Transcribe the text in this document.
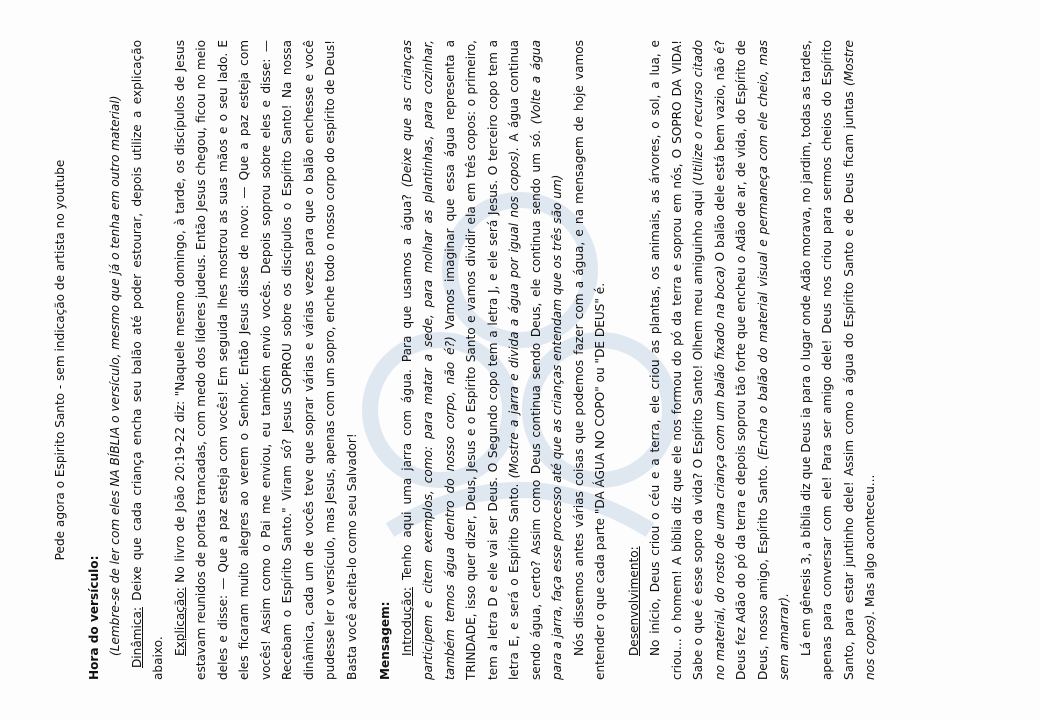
Pede agora o Espirito Santo - sem indicação de artista no youtube

Hora do versículo: (Lembre-se de ler com eles NA BÍBLIA o versículo, mesmo que já o tenha em outro material) Dinâmica: Deixe que cada criança encha seu balão até poder estourar, depois utilize a explicação abaixo.

Explicação: No livro de João 20:19-22 diz: "Naquele mesmo domingo, à tarde, os discípulos de Jesus estavam reunidos de portas trancadas, com medo dos líderes judeus. Então Jesus chegou, ficou no meio deles e disse: — Que a paz esteja com vocês! Em seguida lhes mostrou as suas mãos e o seu lado. E eles ficaram muito alegres ao verem o Senhor. Então Jesus disse de novo: — Que a paz esteja com vocês! Assim como o Pai me enviou, eu também envio vocês. Depois soprou sobre eles e disse: — Recebam o Espírito Santo." Viram só? Jesus SOPROU sobre os discípulos o Espírito Santo! Na nossa dinâmica, cada um de vocês teve que soprar várias e várias vezes para que o balão enchesse e você pudesse ler o versículo, mas Jesus, apenas com um sopro, enche todo o nosso corpo do espírito de Deus! Basta você aceita-lo como seu Salvador!	Mensagem: Introdução: Tenho aqui uma jarra com água. Para que usamos a água? (Deixe que as crianças participem e citem exemplos, como: para matar a sede, para molhar as plantinhas, para cozinhar, também temos água dentro do nosso corpo, não é?) Vamos imaginar que essa água representa a TRINDADE, isso quer dizer, Deus, Jesus e o Espírito Santo e vamos dividir ela em três copos: o primeiro, tem a letra D e ele vai ser Deus. O Segundo copo tem a letra J, e ele será Jesus. O terceiro copo tem a letra E, e será o Espírito Santo. (Mostre a jarra e divida a água por igual nos copos). A água continua sendo água, certo? Assim como Deus continua sendo Deus, ele continua sendo um só. (Volte a água para a jarra, faça esse processo até que as crianças entendam que os três são um) Nós dissemos antes várias coisas que podemos fazer com a água, e na mensagem de hoje vamos entender o que cada parte "DA ÁGUA NO COPO" ou "DE DEUS" é.	Desenvolvimento: No início, Deus criou o céu e a terra, ele criou as plantas, os animais, as árvores, o sol, a lua, e criou... o homem! A bíblia diz que ele nos formou do pó da terra e soprou em nós, O SOPRO DA VIDA! Sabe o que é esse sopro da vida? O Espírito Santo! Olhem meu amiguinho aqui (Utilize o recurso citado no material, do rosto de uma criança com um balão fixado na boca) O balão dele está bem vazio, não é? Deus fez Adão do pó da terra e depois soprou tão forte que encheu o Adão de ar, de vida, do Espírito de Deus, nosso amigo, Espírito Santo. (Encha o balão do material visual e permaneça com ele cheio, mas sem amarrar). Lá em gênesis 3, a bíblia diz que Deus ia para o lugar onde Adão morava, no jardim, todas as tardes, apenas para conversar com ele! Para ser amigo dele! Deus nos criou para sermos cheios do Espírito Santo, para estar juntinho dele! Assim como a água do Espírito Santo e de Deus ficam juntas (Mostre nos copos). Mas algo aconteceu...
